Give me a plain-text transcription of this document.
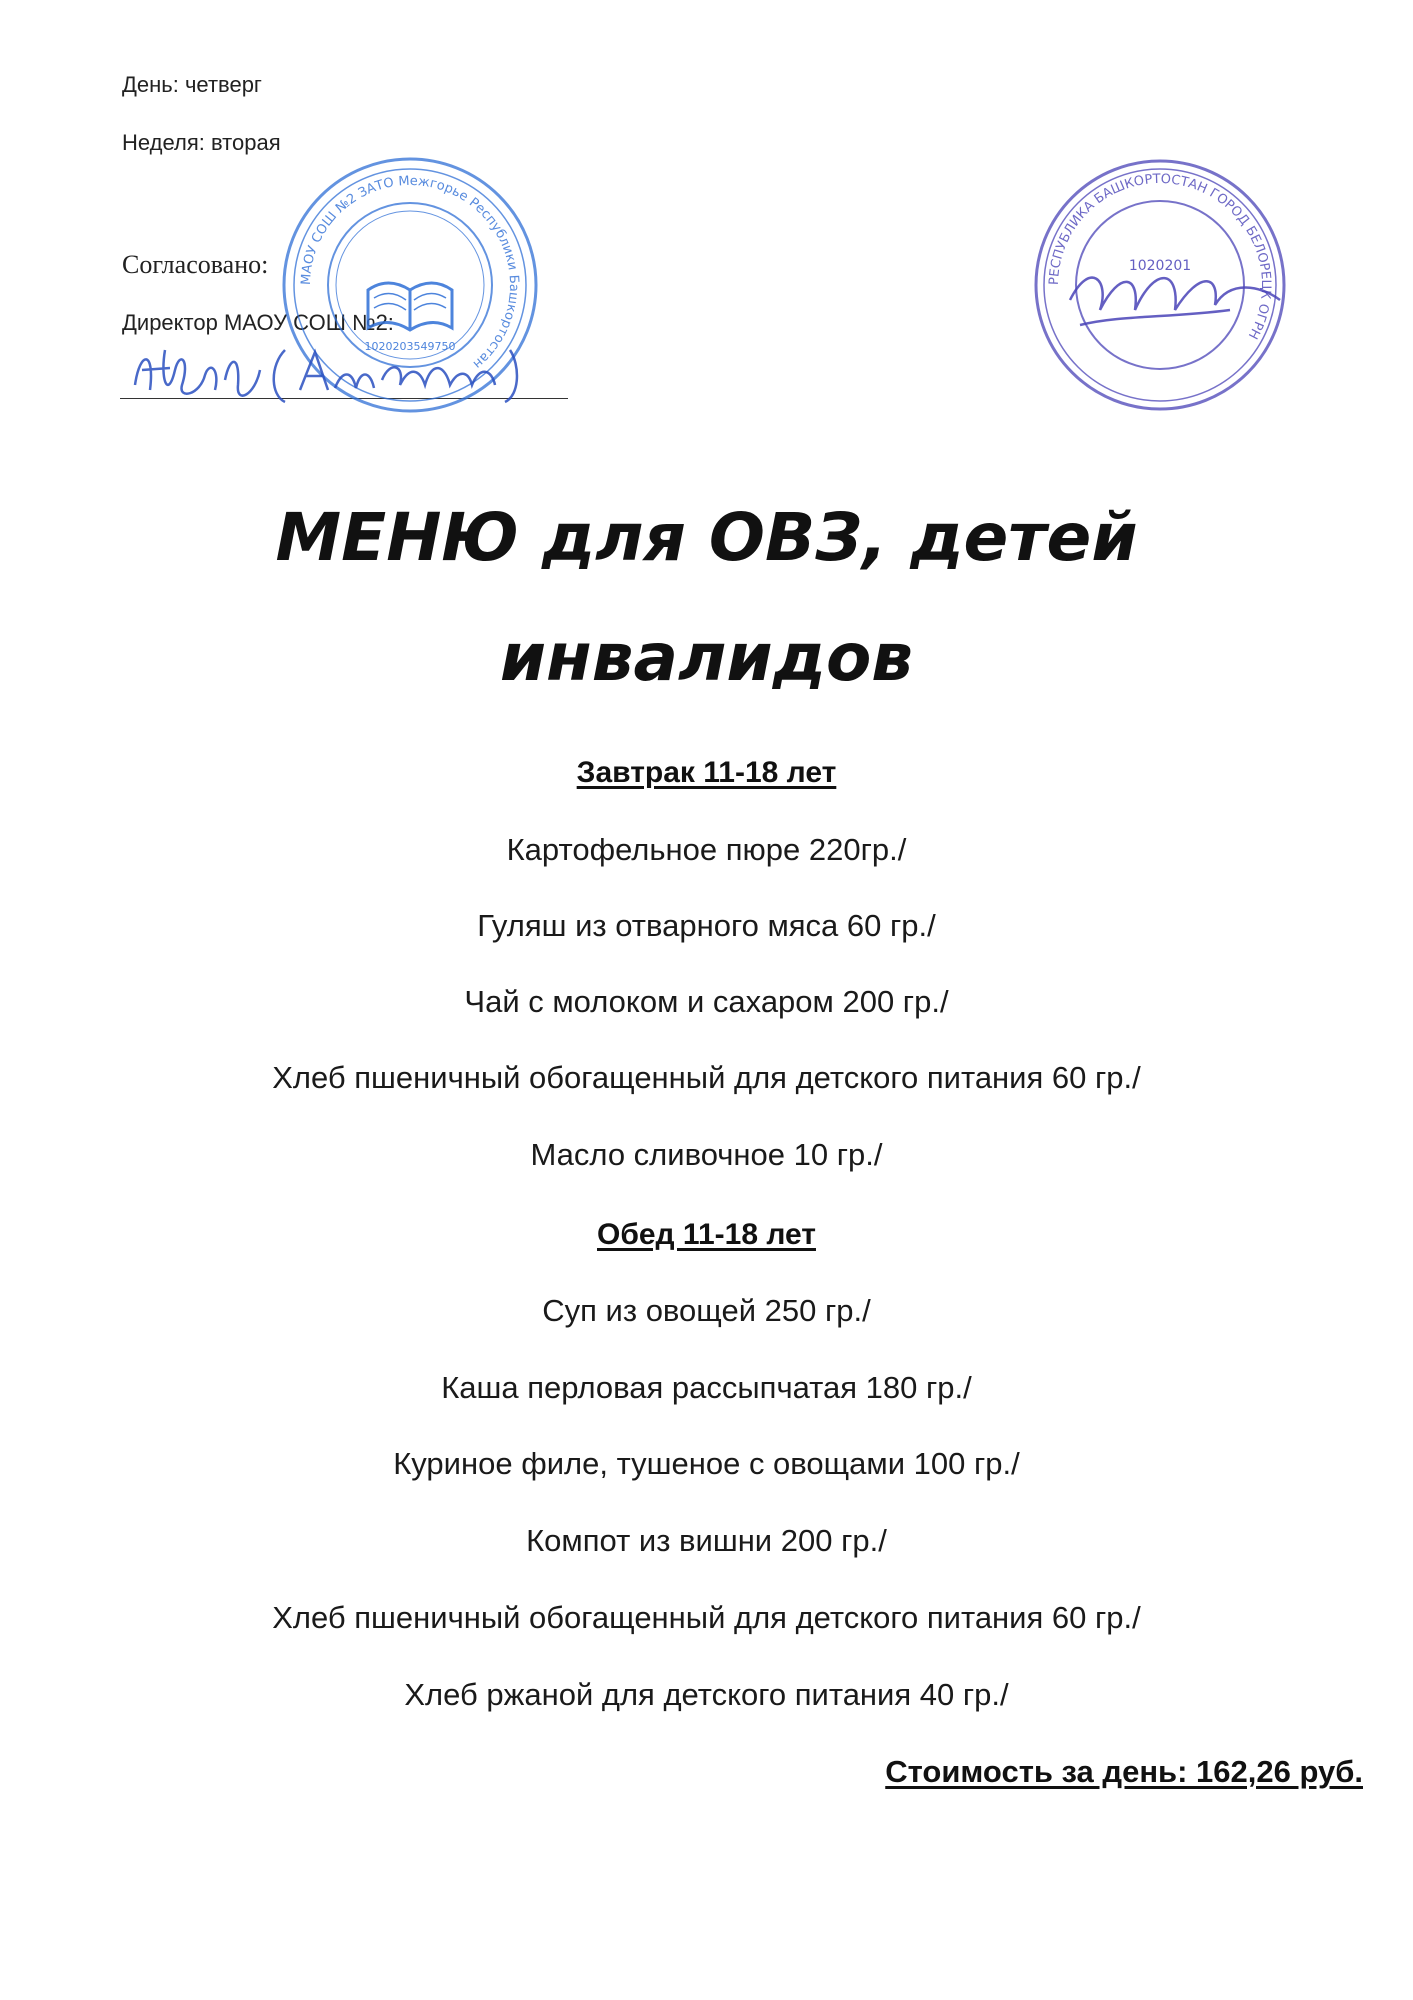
День: четверг
Неделя: вторая
Согласовано:
Директор МАОУ СОШ №2:
МАОУ СОШ №2 ЗАТО Межгорье Республики Башкортостан
1020203549750
РЕСПУБЛИКА БАШКОРТОСТАН ГОРОД БЕЛОРЕЦК ОГРН
1020201
МЕНЮ для ОВЗ, детей
инвалидов
Завтрак 11-18 лет
Картофельное пюре 220гр./
Гуляш из отварного мяса 60 гр./
Чай с молоком и сахаром 200 гр./
Хлеб пшеничный обогащенный для детского питания 60 гр./
Масло сливочное 10 гр./
Обед 11-18 лет
Суп из овощей 250 гр./
Каша перловая рассыпчатая 180 гр./
Куриное филе, тушеное с овощами 100 гр./
Компот из вишни 200 гр./
Хлеб пшеничный обогащенный для детского питания 60 гр./
Хлеб ржаной для детского питания 40 гр./
Стоимость за день: 162,26 руб.
